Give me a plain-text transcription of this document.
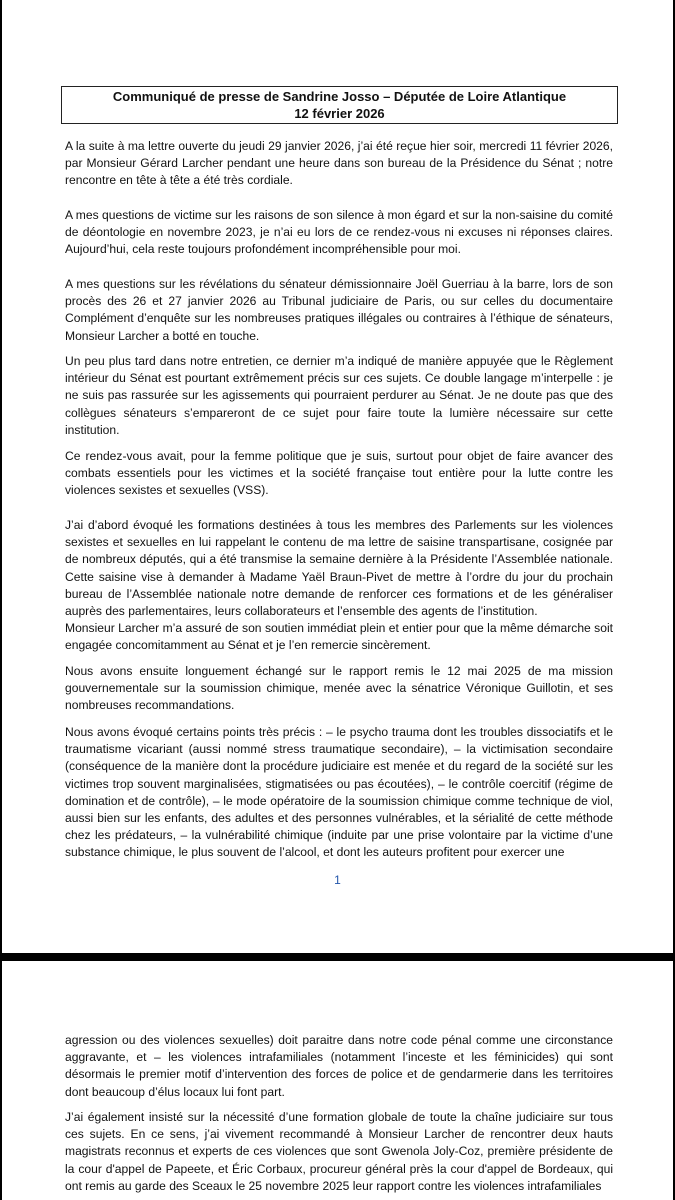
Communiqué de presse de Sandrine Josso – Députée de Loire Atlantique
12 février 2026

A la suite à ma lettre ouverte du jeudi 29 janvier 2026, j’ai été reçue hier soir, mercredi 11 février 2026, par Monsieur Gérard Larcher pendant une heure dans son bureau de la Présidence du Sénat ; notre rencontre en tête à tête a été très cordiale.

A mes questions de victime sur les raisons de son silence à mon égard et sur la non-saisine du comité de déontologie en novembre 2023, je n’ai eu lors de ce rendez-vous ni excuses ni réponses claires. Aujourd’hui, cela reste toujours profondément incompréhensible pour moi.

A mes questions sur les révélations du sénateur démissionnaire Joël Guerriau à la barre, lors de son procès des 26 et 27 janvier 2026 au Tribunal judiciaire de Paris, ou sur celles du documentaire Complément d’enquête sur les nombreuses pratiques illégales ou contraires à l’éthique de sénateurs, Monsieur Larcher a botté en touche.

Un peu plus tard dans notre entretien, ce dernier m’a indiqué de manière appuyée que le Règlement intérieur du Sénat est pourtant extrêmement précis sur ces sujets. Ce double langage m’interpelle : je ne suis pas rassurée sur les agissements qui pourraient perdurer au Sénat. Je ne doute pas que des collègues sénateurs s’empareront de ce sujet pour faire toute la lumière nécessaire sur cette institution.

Ce rendez-vous avait, pour la femme politique que je suis, surtout pour objet de faire avancer des combats essentiels pour les victimes et la société française tout entière pour la lutte contre les violences sexistes et sexuelles (VSS).

J’ai d’abord évoqué les formations destinées à tous les membres des Parlements sur les violences sexistes et sexuelles en lui rappelant le contenu de ma lettre de saisine transpartisane, cosignée par de nombreux députés, qui a été transmise la semaine dernière à la Présidente l’Assemblée nationale. Cette saisine vise à demander à Madame Yaël Braun-Pivet de mettre à l’ordre du jour du prochain bureau de l’Assemblée nationale notre demande de renforcer ces formations et de les généraliser auprès des parlementaires, leurs collaborateurs et l’ensemble des agents de l’institution.

Monsieur Larcher m’a assuré de son soutien immédiat plein et entier pour que la même démarche soit engagée concomitamment au Sénat et je l’en remercie sincèrement.

Nous avons ensuite longuement échangé sur le rapport remis le 12 mai 2025 de ma mission gouvernementale sur la soumission chimique, menée avec la sénatrice Véronique Guillotin, et ses nombreuses recommandations.

Nous avons évoqué certains points très précis : – le psycho trauma dont les troubles dissociatifs et le traumatisme vicariant (aussi nommé stress traumatique secondaire), – la victimisation secondaire (conséquence de la manière dont la procédure judiciaire est menée et du regard de la société sur les victimes trop souvent marginalisées, stigmatisées ou pas écoutées), – le contrôle coercitif (régime de domination et de contrôle), – le mode opératoire de la soumission chimique comme technique de viol, aussi bien sur les enfants, des adultes et des personnes vulnérables, et la sérialité de cette méthode chez les prédateurs, – la vulnérabilité chimique (induite par une prise volontaire par la victime d’une substance chimique, le plus souvent de l’alcool, et dont les auteurs profitent pour exercer une

1

agression ou des violences sexuelles) doit paraitre dans notre code pénal comme une circonstance aggravante, et – les violences intrafamiliales (notamment l’inceste et les féminicides) qui sont désormais le premier motif d’intervention des forces de police et de gendarmerie dans les territoires dont beaucoup d’élus locaux lui font part.

J’ai également insisté sur la nécessité d’une formation globale de toute la chaîne judiciaire sur tous ces sujets. En ce sens, j’ai vivement recommandé à Monsieur Larcher de rencontrer deux hauts magistrats reconnus et experts de ces violences que sont Gwenola Joly-Coz, première présidente de la cour d'appel de Papeete, et Éric Corbaux, procureur général près la cour d'appel de Bordeaux, qui ont remis au garde des Sceaux le 25 novembre 2025 leur rapport contre les violences intrafamiliales
